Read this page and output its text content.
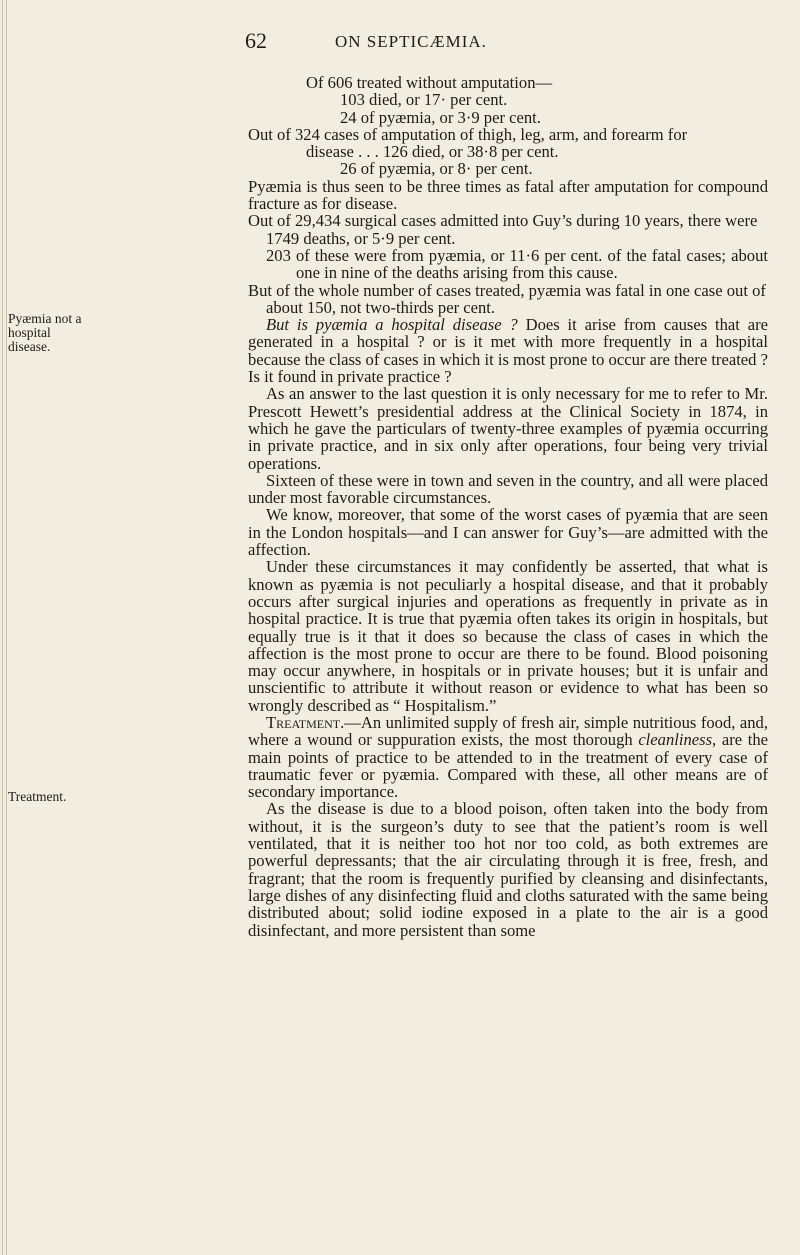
62	ON SEPTICÆMIA.
Pyæmia not a hospital disease.
Treatment.

Of 606 treated without amputation—

103 died, or 17· per cent.

24 of pyæmia, or 3·9 per cent.

Out of 324 cases of amputation of thigh, leg, arm, and forearm for

disease . . . 126 died, or 38·8 per cent.

26 of pyæmia, or 8· per cent.

Pyæmia is thus seen to be three times as fatal after amputation for compound fracture as for disease.

Out of 29,434 surgical cases admitted into Guy’s during 10 years, there were 1749 deaths, or 5·9 per cent.

203 of these were from pyæmia, or 11·6 per cent. of the fatal cases; about one in nine of the deaths arising from this cause.

But of the whole number of cases treated, pyæmia was fatal in one case out of about 150, not two-thirds per cent.

But is pyæmia a hospital disease ? Does it arise from causes that are generated in a hospital ? or is it met with more frequently in a hospital because the class of cases in which it is most prone to occur are there treated ? Is it found in private practice ?

As an answer to the last question it is only necessary for me to refer to Mr. Prescott Hewett’s presidential address at the Clinical Society in 1874, in which he gave the particulars of twenty-three examples of pyæmia occurring in private practice, and in six only after operations, four being very trivial operations.

Sixteen of these were in town and seven in the country, and all were placed under most favorable circumstances.

We know, moreover, that some of the worst cases of pyæmia that are seen in the London hospitals—and I can answer for Guy’s—are admitted with the affection.

Under these circumstances it may confidently be asserted, that what is known as pyæmia is not peculiarly a hospital disease, and that it probably occurs after surgical injuries and operations as frequently in private as in hospital practice. It is true that pyæmia often takes its origin in hospitals, but equally true is it that it does so because the class of cases in which the affection is the most prone to occur are there to be found. Blood poisoning may occur anywhere, in hospitals or in private houses; but it is unfair and unscientific to attribute it without reason or evidence to what has been so wrongly described as “ Hospitalism.”

Treatment.—An unlimited supply of fresh air, simple nutritious food, and, where a wound or suppuration exists, the most thorough cleanliness, are the main points of practice to be attended to in the treatment of every case of traumatic fever or pyæmia. Compared with these, all other means are of secondary importance.

As the disease is due to a blood poison, often taken into the body from without, it is the surgeon’s duty to see that the patient’s room is well ventilated, that it is neither too hot nor too cold, as both extremes are powerful depressants; that the air circulating through it is free, fresh, and fragrant; that the room is frequently purified by cleansing and disinfectants, large dishes of any disinfecting fluid and cloths saturated with the same being distributed about; solid iodine exposed in a plate to the air is a good disinfectant, and more persistent than some
